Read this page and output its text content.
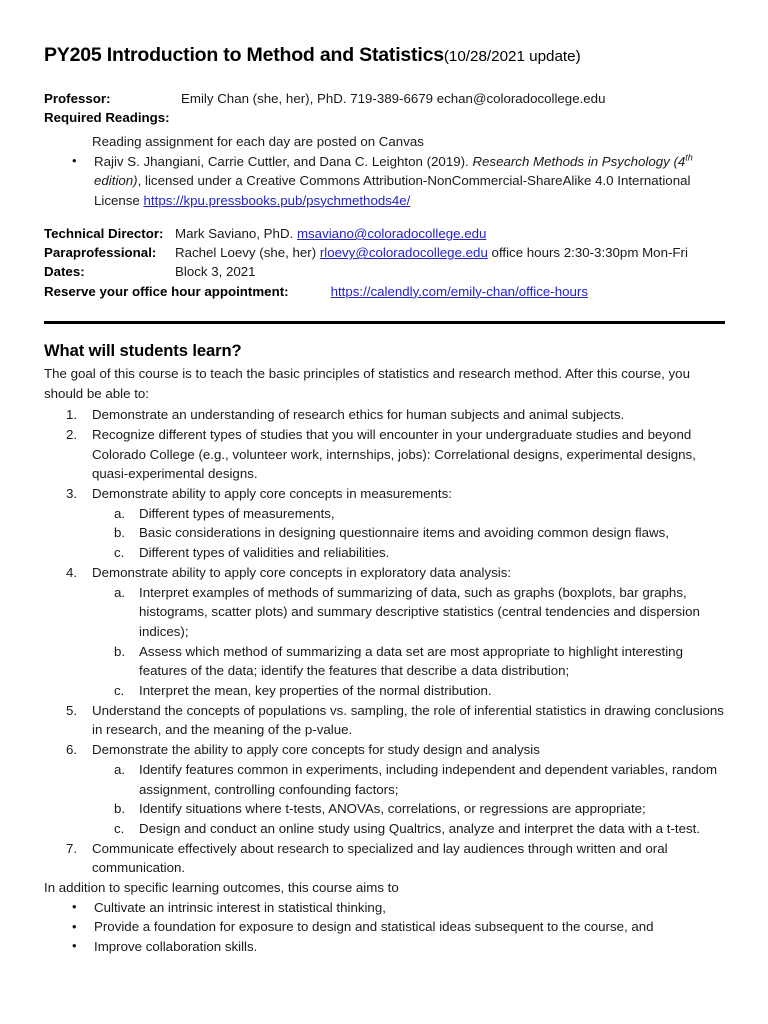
PY205 Introduction to Method and Statistics(10/28/2021 update)
Professor:	Emily Chan (she, her), PhD. 719-389-6679 echan@coloradocollege.edu
Required Readings:
Reading assignment for each day are posted on Canvas
• Rajiv S. Jhangiani, Carrie Cuttler, and Dana C. Leighton (2019). Research Methods in Psychology (4th edition), licensed under a Creative Commons Attribution-NonCommercial-ShareAlike 4.0 International License https://kpu.pressbooks.pub/psychmethods4e/
Technical Director: Mark Saviano, PhD. msaviano@coloradocollege.edu
Paraprofessional:	Rachel Loevy (she, her) rloevy@coloradocollege.edu office hours 2:30-3:30pm Mon-Fri
Dates:	Block 3, 2021
Reserve your office hour appointment:	https://calendly.com/emily-chan/office-hours
What will students learn?

The goal of this course is to teach the basic principles of statistics and research method. After this course, you should be able to:

1.	Demonstrate an understanding of research ethics for human subjects and animal subjects.
2.	Recognize different types of studies that you will encounter in your undergraduate studies and beyond Colorado College (e.g., volunteer work, internships, jobs): Correlational designs, experimental designs, quasi-experimental designs.
3.	Demonstrate ability to apply core concepts in measurements:
a.	Different types of measurements,
b.	Basic considerations in designing questionnaire items and avoiding common design flaws,
c.	Different types of validities and reliabilities.
4.	Demonstrate ability to apply core concepts in exploratory data analysis:
a.	Interpret examples of methods of summarizing of data, such as graphs (boxplots, bar graphs, histograms, scatter plots) and summary descriptive statistics (central tendencies and dispersion indices);
b.	Assess which method of summarizing a data set are most appropriate to highlight interesting features of the data; identify the features that describe a data distribution;
c.	Interpret the mean, key properties of the normal distribution.
5.	Understand the concepts of populations vs. sampling, the role of inferential statistics in drawing conclusions in research, and the meaning of the p-value.
6.	Demonstrate the ability to apply core concepts for study design and analysis
a.	Identify features common in experiments, including independent and dependent variables, random assignment, controlling confounding factors;
b.	Identify situations where t-tests, ANOVAs, correlations, or regressions are appropriate;
c.	Design and conduct an online study using Qualtrics, analyze and interpret the data with a t-test.
7.	Communicate effectively about research to specialized and lay audiences through written and oral communication.

In addition to specific learning outcomes, this course aims to

• Cultivate an intrinsic interest in statistical thinking,
• Provide a foundation for exposure to design and statistical ideas subsequent to the course, and
• Improve collaboration skills.
